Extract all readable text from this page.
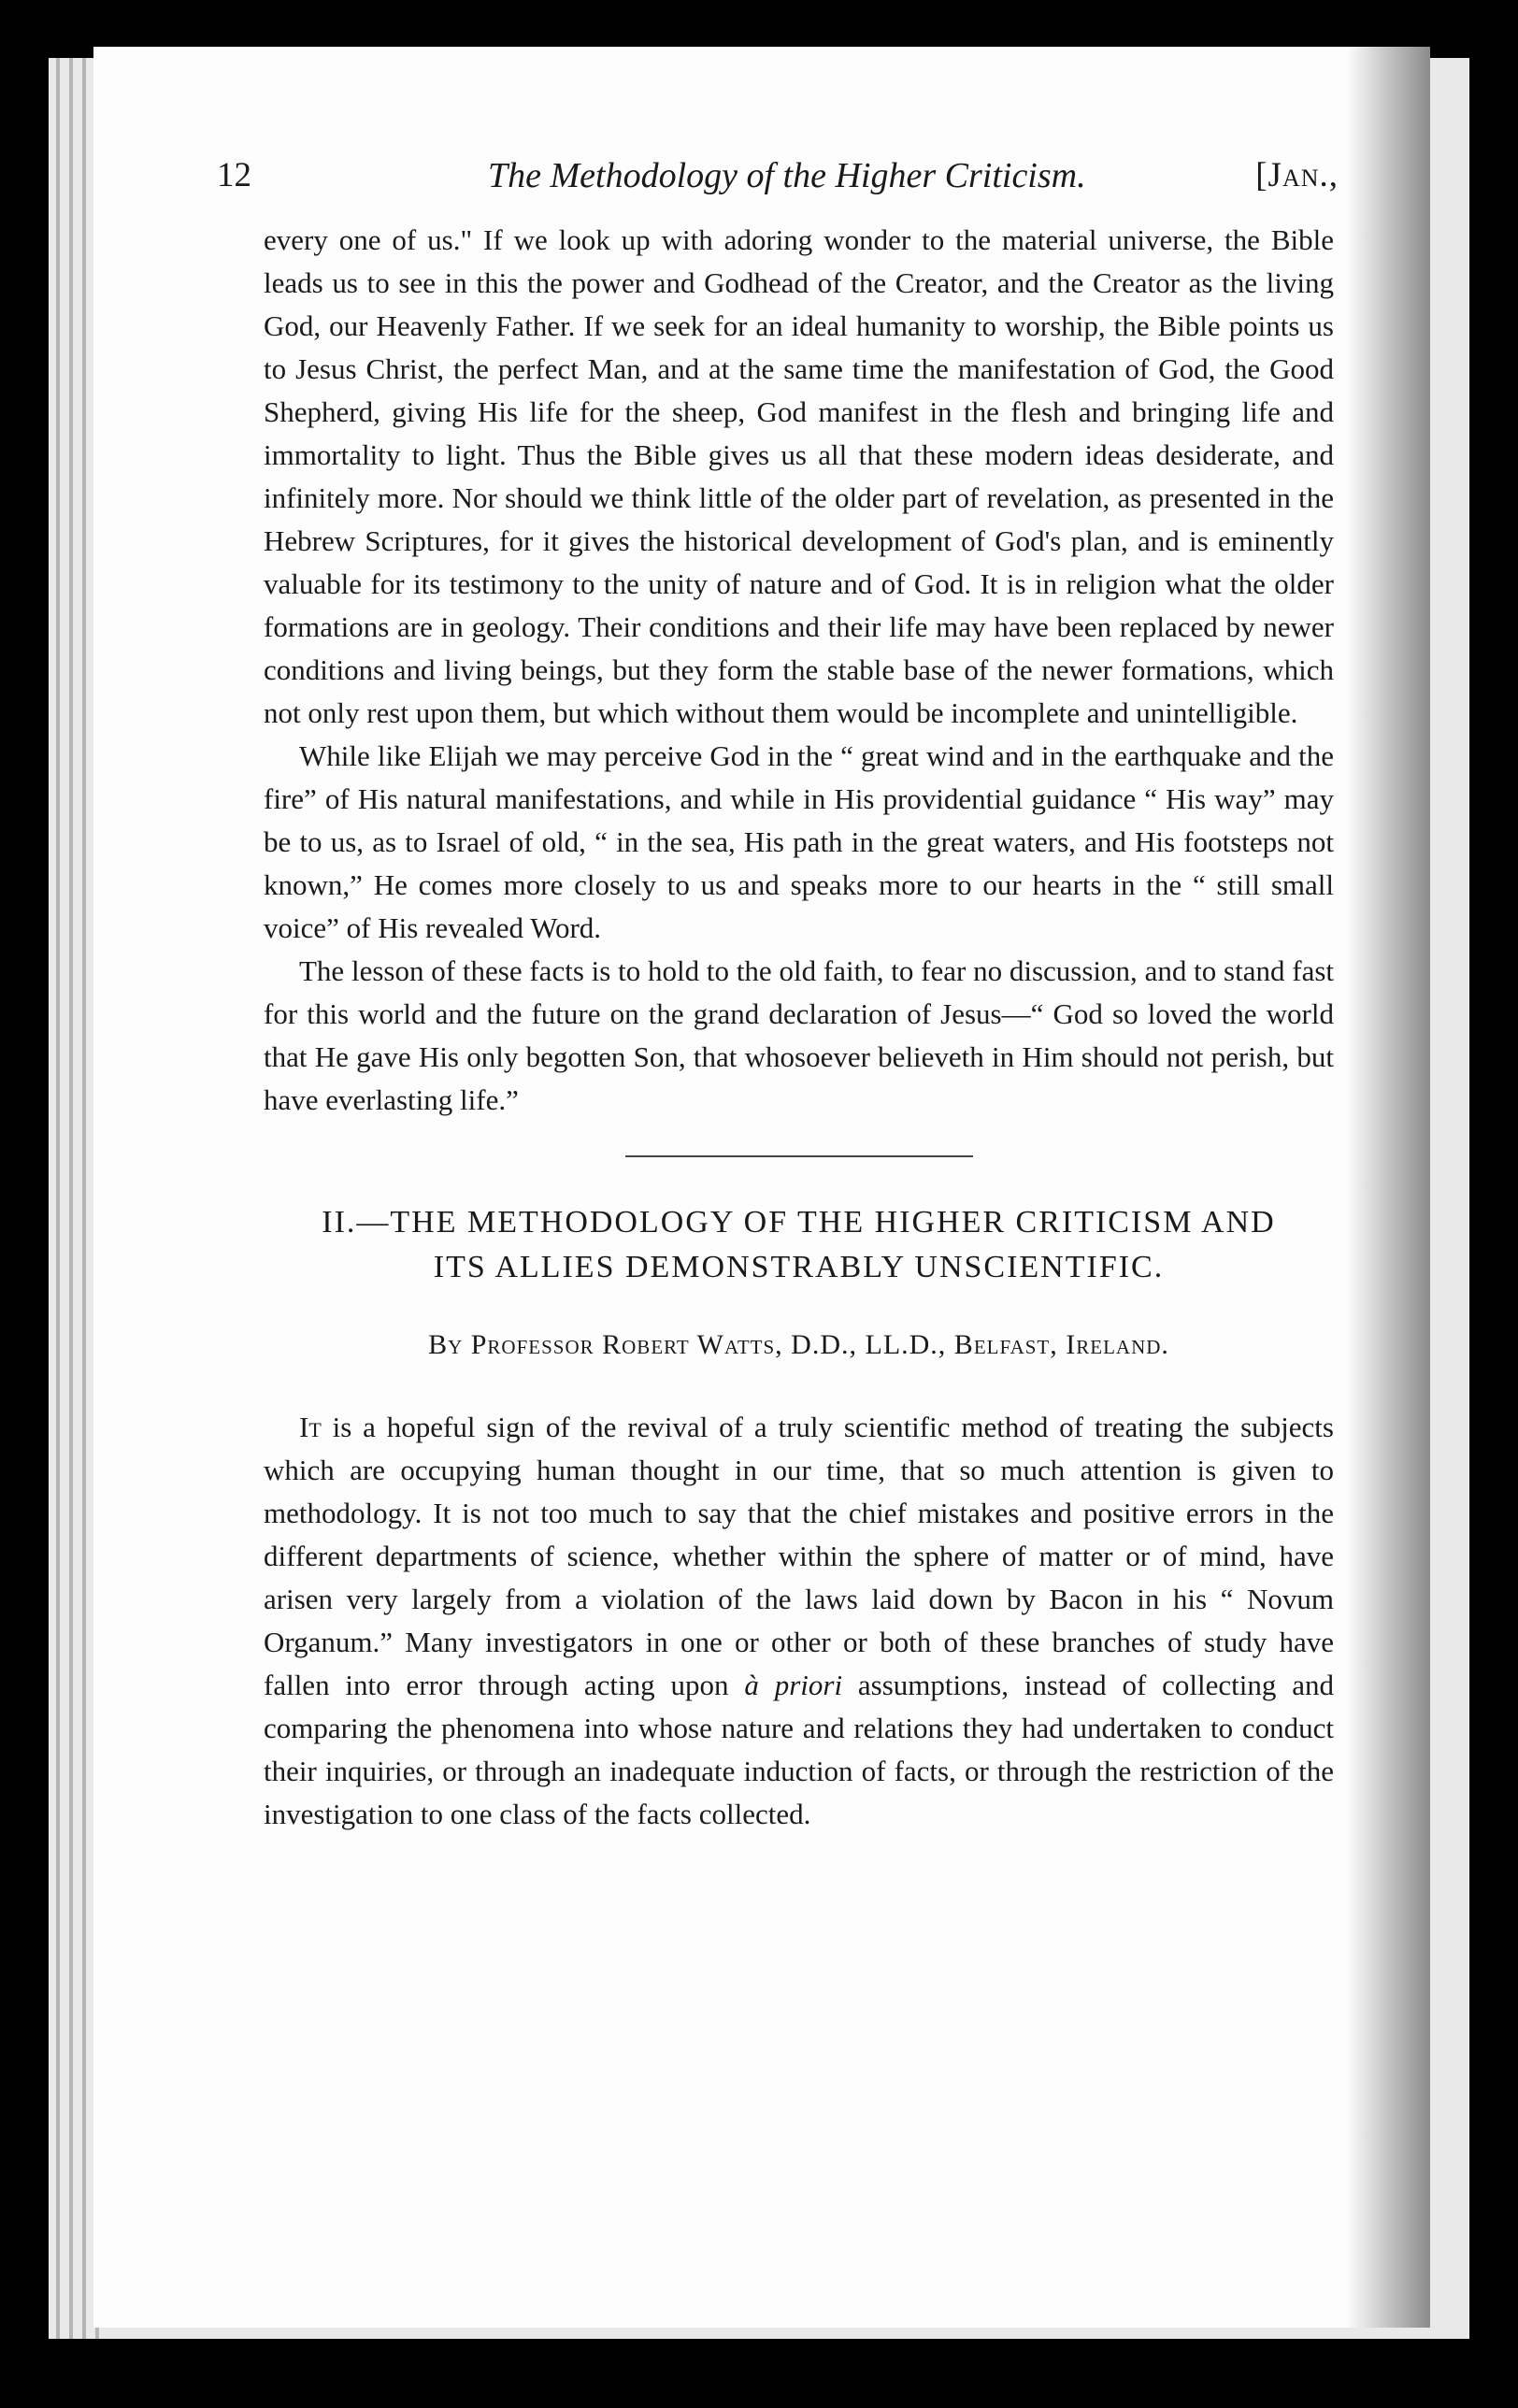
12	The Methodology of the Higher Criticism.	[Jan.,

every one of us." If we look up with adoring wonder to the material universe, the Bible leads us to see in this the power and Godhead of the Creator, and the Creator as the living God, our Heavenly Father. If we seek for an ideal humanity to worship, the Bible points us to Jesus Christ, the perfect Man, and at the same time the manifestation of God, the Good Shepherd, giving His life for the sheep, God manifest in the flesh and bringing life and immortality to light. Thus the Bible gives us all that these modern ideas desiderate, and infinitely more. Nor should we think little of the older part of revelation, as presented in the Hebrew Scriptures, for it gives the historical development of God's plan, and is eminently valuable for its testimony to the unity of nature and of God. It is in religion what the older formations are in geology. Their conditions and their life may have been replaced by newer conditions and living beings, but they form the stable base of the newer formations, which not only rest upon them, but which without them would be incomplete and unintelligible.

While like Elijah we may perceive God in the “ great wind and in the earthquake and the fire” of His natural manifestations, and while in His providential guidance “ His way” may be to us, as to Israel of old, “ in the sea, His path in the great waters, and His footsteps not known,” He comes more closely to us and speaks more to our hearts in the “ still small voice” of His revealed Word.

The lesson of these facts is to hold to the old faith, to fear no discussion, and to stand fast for this world and the future on the grand declaration of Jesus—“ God so loved the world that He gave His only begotten Son, that whosoever believeth in Him should not perish, but have everlasting life.”

II.—THE METHODOLOGY OF THE HIGHER CRITICISM AND
ITS ALLIES DEMONSTRABLY UNSCIENTIFIC.
By Professor Robert Watts, D.D., LL.D., Belfast, Ireland.

It is a hopeful sign of the revival of a truly scientific method of treating the subjects which are occupying human thought in our time, that so much attention is given to methodology. It is not too much to say that the chief mistakes and positive errors in the different departments of science, whether within the sphere of matter or of mind, have arisen very largely from a violation of the laws laid down by Bacon in his “ Novum Organum.” Many investigators in one or other or both of these branches of study have fallen into error through acting upon à priori assumptions, instead of collecting and comparing the phenomena into whose nature and relations they had undertaken to conduct their inquiries, or through an inadequate induction of facts, or through the restriction of the investigation to one class of the facts collected.
